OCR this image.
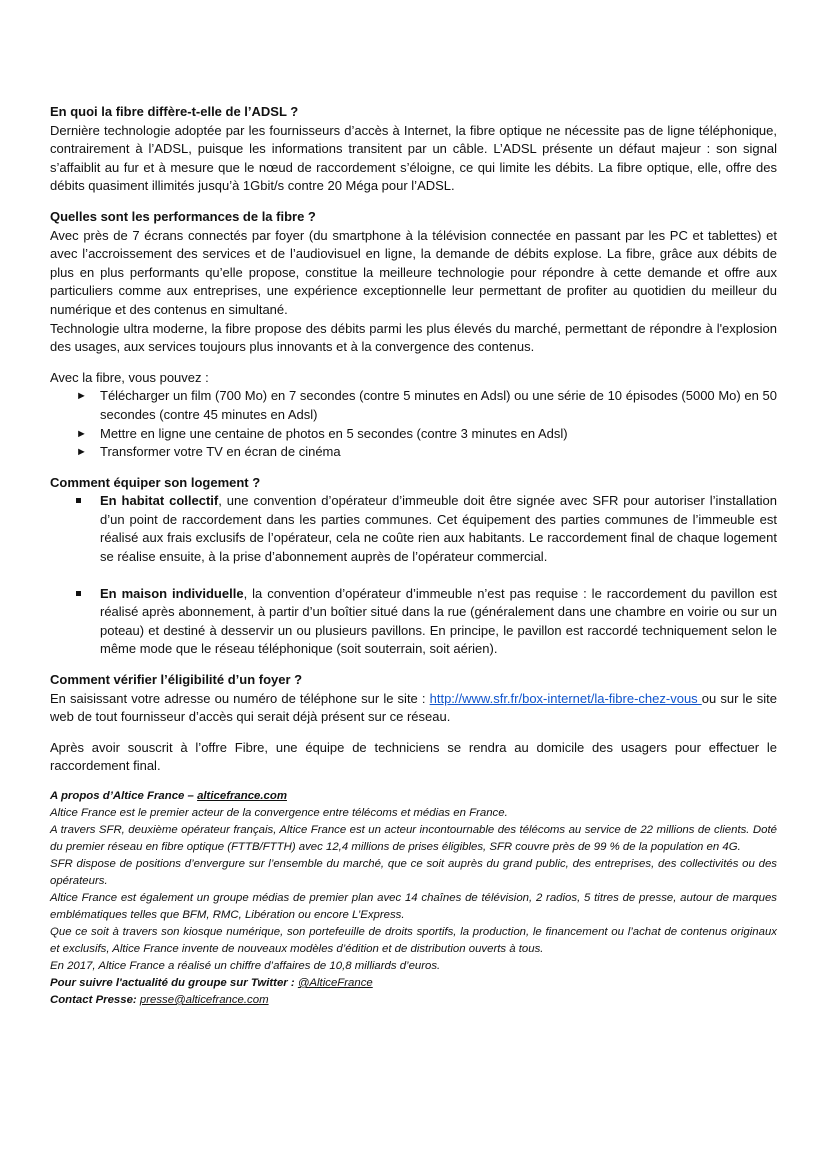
En quoi la fibre diffère-t-elle de l’ADSL ?

Dernière technologie adoptée par les fournisseurs d’accès à Internet, la fibre optique ne nécessite pas de ligne téléphonique, contrairement à l’ADSL, puisque les informations transitent par un câble. L’ADSL présente un défaut majeur : son signal s’affaiblit au fur et à mesure que le nœud de raccordement s’éloigne, ce qui limite les débits. La fibre optique, elle, offre des débits quasiment illimités jusqu’à 1Gbit/s contre 20 Méga pour l’ADSL.

Quelles sont les performances de la fibre ?

Avec près de 7 écrans connectés par foyer (du smartphone à la télévision connectée en passant par les PC et tablettes) et avec l’accroissement des services et de l’audiovisuel en ligne, la demande de débits explose. La fibre, grâce aux débits de plus en plus performants qu’elle propose, constitue la meilleure technologie pour répondre à cette demande et offre aux particuliers comme aux entreprises, une expérience exceptionnelle leur permettant de profiter au quotidien du meilleur du numérique et des contenus en simultané.

Technologie ultra moderne, la fibre propose des débits parmi les plus élevés du marché, permettant de répondre à l'explosion des usages, aux services toujours plus innovants et à la convergence des contenus.

Avec la fibre, vous pouvez :

► Télécharger un film (700 Mo) en 7 secondes (contre 5 minutes en Adsl) ou une série de 10 épisodes (5000 Mo) en 50 secondes (contre 45 minutes en Adsl)
► Mettre en ligne une centaine de photos en 5 secondes (contre 3 minutes en Adsl)
► Transformer votre TV en écran de cinéma
Comment équiper son logement ?
En habitat collectif, une convention d’opérateur d’immeuble doit être signée avec SFR pour autoriser l’installation d’un point de raccordement dans les parties communes. Cet équipement des parties communes de l’immeuble est réalisé aux frais exclusifs de l’opérateur, cela ne coûte rien aux habitants. Le raccordement final de chaque logement se réalise ensuite, à la prise d’abonnement auprès de l’opérateur commercial.
En maison individuelle, la convention d’opérateur d’immeuble n’est pas requise : le raccordement du pavillon est réalisé après abonnement, à partir d’un boîtier situé dans la rue (généralement dans une chambre en voirie ou sur un poteau) et destiné à desservir un ou plusieurs pavillons. En principe, le pavillon est raccordé techniquement selon le même mode que le réseau téléphonique (soit souterrain, soit aérien).
Comment vérifier l’éligibilité d’un foyer ?

En saisissant votre adresse ou numéro de téléphone sur le site : http://www.sfr.fr/box-internet/la-fibre-chez-vous ou sur le site web de tout fournisseur d’accès qui serait déjà présent sur ce réseau.

Après avoir souscrit à l’offre Fibre, une équipe de techniciens se rendra au domicile des usagers pour effectuer le raccordement final.

A propos d’Altice France – alticefrance.com

Altice France est le premier acteur de la convergence entre télécoms et médias en France.

A travers SFR, deuxième opérateur français, Altice France est un acteur incontournable des télécoms au service de 22 millions de clients. Doté du premier réseau en fibre optique (FTTB/FTTH) avec 12,4 millions de prises éligibles, SFR couvre près de 99 % de la population en 4G.

SFR dispose de positions d’envergure sur l’ensemble du marché, que ce soit auprès du grand public, des entreprises, des collectivités ou des opérateurs.

Altice France est également un groupe médias de premier plan avec 14 chaînes de télévision, 2 radios, 5 titres de presse, autour de marques emblématiques telles que BFM, RMC, Libération ou encore L’Express.

Que ce soit à travers son kiosque numérique, son portefeuille de droits sportifs, la production, le financement ou l’achat de contenus originaux et exclusifs, Altice France invente de nouveaux modèles d’édition et de distribution ouverts à tous.

En 2017, Altice France a réalisé un chiffre d’affaires de 10,8 milliards d’euros.

Pour suivre l'actualité du groupe sur Twitter : @AlticeFrance

Contact Presse: presse@alticefrance.com
